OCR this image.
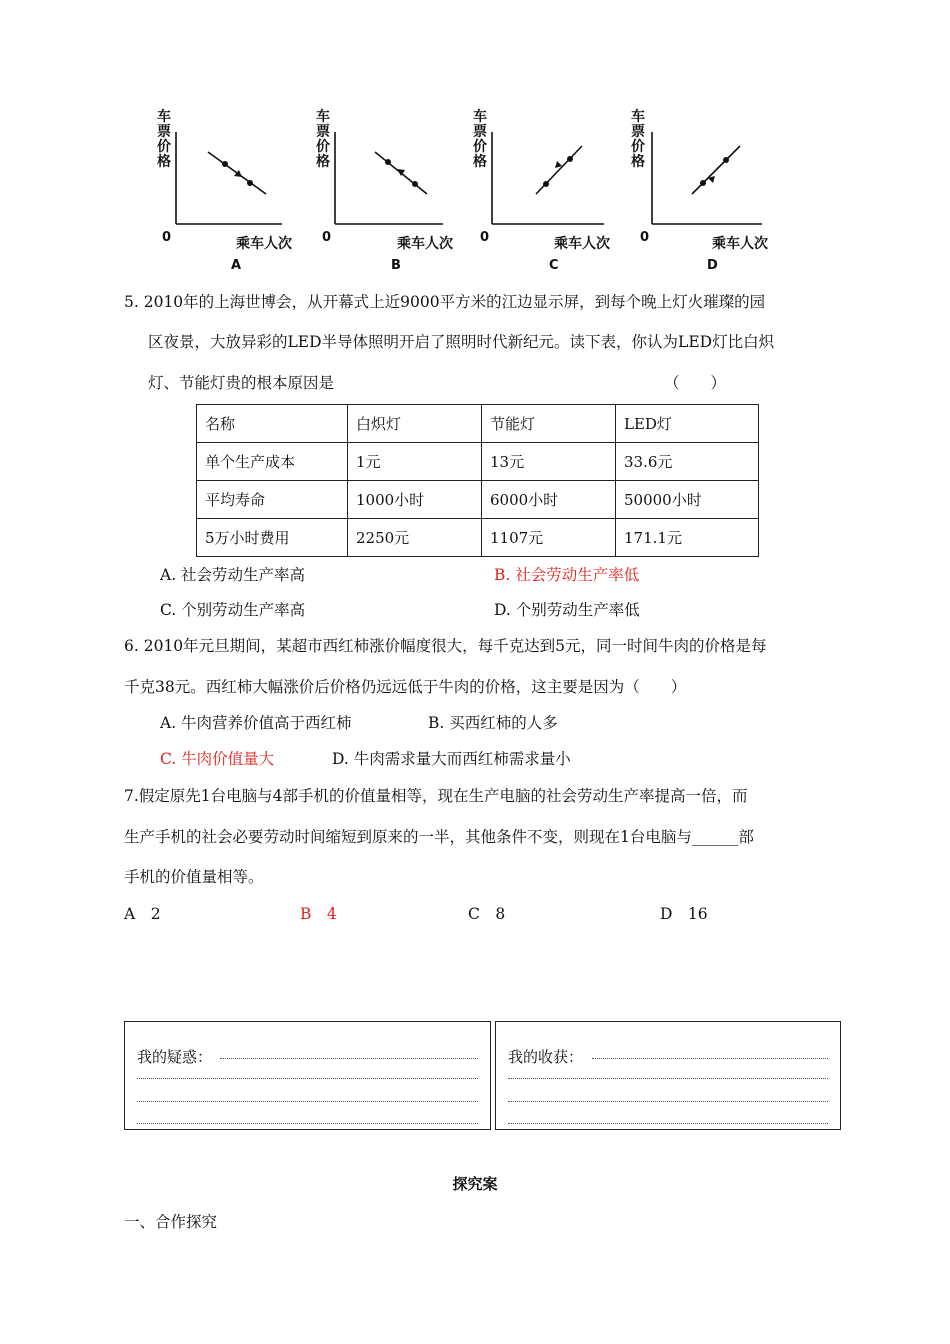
车票价格
0	乘车人次
A
车票价格
0	乘车人次
B
车票价格
0	乘车人次
C
车票价格
0	乘车人次
D
5. 2010年的上海世博会，从开幕式上近9000平方米的江边显示屏，到每个晚上灯火璀璨的园
区夜景，大放异彩的LED半导体照明开启了照明时代新纪元。读下表，你认为LED灯比白炽
灯、节能灯贵的根本原因是	（　　）
名称	白炽灯	节能灯	LED灯
单个生产成本	1元	13元	33.6元
平均寿命	1000小时	6000小时	50000小时
5万小时费用	2250元	1107元	171.1元
A. 社会劳动生产率高	B. 社会劳动生产率低
C. 个别劳动生产率高	D. 个别劳动生产率低
6. 2010年元旦期间，某超市西红柿涨价幅度很大，每千克达到5元，同一时间牛肉的价格是每
千克38元。西红柿大幅涨价后价格仍远远低于牛肉的价格，这主要是因为（　　）
A. 牛肉营养价值高于西红柿	B. 买西红柿的人多
C. 牛肉价值量大	D. 牛肉需求量大而西红柿需求量小
7.假定原先1台电脑与4部手机的价值量相等，现在生产电脑的社会劳动生产率提高一倍，而
生产手机的社会必要劳动时间缩短到原来的一半，其他条件不变，则现在1台电脑与______部
手机的价值量相等。
A　2	B　4	C　8	D　16
我的疑惑：	我的收获：
探究案
一、合作探究
